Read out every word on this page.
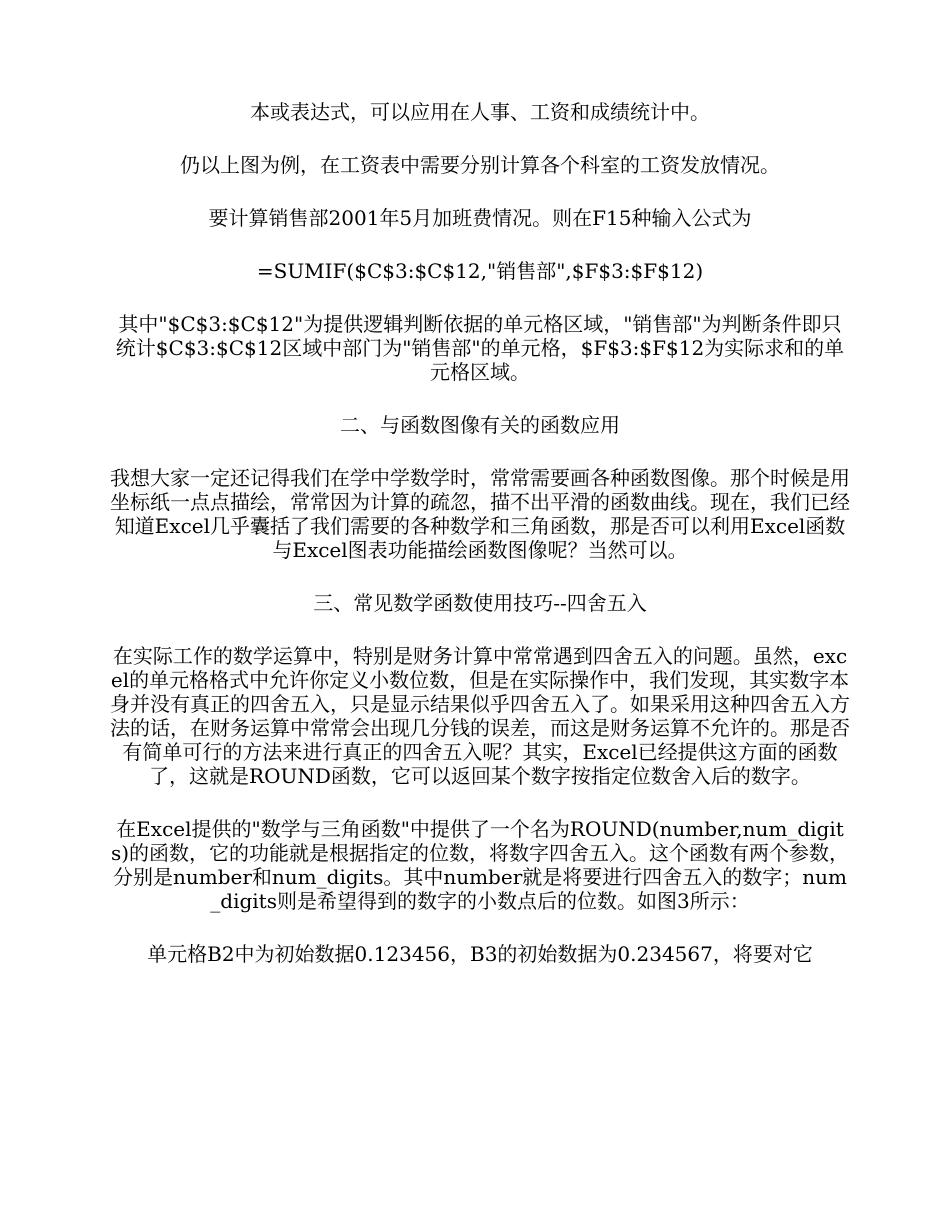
本或表达式，可以应用在人事、工资和成绩统计中。

仍以上图为例，在工资表中需要分别计算各个科室的工资发放情况。

要计算销售部2001年5月加班费情况。则在F15种输入公式为

=SUMIF($C$3:$C$12,"销售部",$F$3:$F$12)

其中"$C$3:$C$12"为提供逻辑判断依据的单元格区域，"销售部"为判断条件即只统计$C$3:$C$12区域中部门为"销售部"的单元格，$F$3:$F$12为实际求和的单元格区域。

二、与函数图像有关的函数应用

我想大家一定还记得我们在学中学数学时，常常需要画各种函数图像。那个时候是用坐标纸一点点描绘，常常因为计算的疏忽，描不出平滑的函数曲线。现在，我们已经知道Excel几乎囊括了我们需要的各种数学和三角函数，那是否可以利用Excel函数与Excel图表功能描绘函数图像呢？当然可以。

三、常见数学函数使用技巧--四舍五入

在实际工作的数学运算中，特别是财务计算中常常遇到四舍五入的问题。虽然，excel的单元格格式中允许你定义小数位数，但是在实际操作中，我们发现，其实数字本身并没有真正的四舍五入，只是显示结果似乎四舍五入了。如果采用这种四舍五入方法的话，在财务运算中常常会出现几分钱的误差，而这是财务运算不允许的。那是否有简单可行的方法来进行真正的四舍五入呢？其实，Excel已经提供这方面的函数了，这就是ROUND函数，它可以返回某个数字按指定位数舍入后的数字。

在Excel提供的"数学与三角函数"中提供了一个名为ROUND(number,num_digits)的函数，它的功能就是根据指定的位数，将数字四舍五入。这个函数有两个参数，分别是number和num_digits。其中number就是将要进行四舍五入的数字；num_digits则是希望得到的数字的小数点后的位数。如图3所示：

单元格B2中为初始数据0.123456，B3的初始数据为0.234567，将要对它
